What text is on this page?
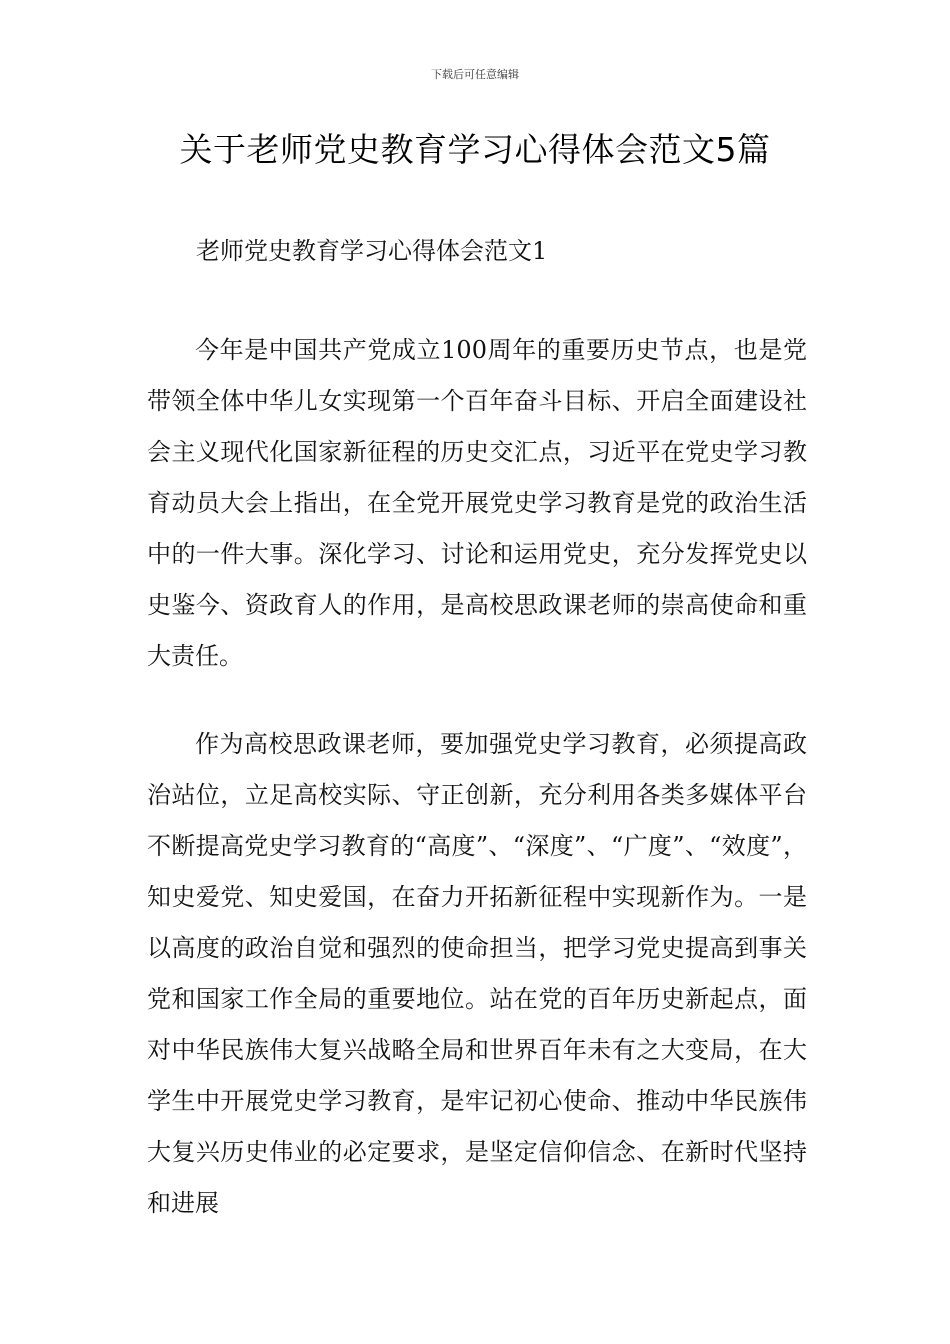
下载后可任意编辑
关于老师党史教育学习心得体会范文5篇
老师党史教育学习心得体会范文1

今年是中国共产党成立100周年的重要历史节点，也是党带领全体中华儿女实现第一个百年奋斗目标、开启全面建设社会主义现代化国家新征程的历史交汇点，习近平在党史学习教育动员大会上指出，在全党开展党史学习教育是党的政治生活中的一件大事。深化学习、讨论和运用党史，充分发挥党史以史鉴今、资政育人的作用，是高校思政课老师的崇高使命和重大责任。

作为高校思政课老师，要加强党史学习教育，必须提高政治站位，立足高校实际、守正创新，充分利用各类多媒体平台不断提高党史学习教育的“高度”、“深度”、“广度”、“效度”，知史爱党、知史爱国，在奋力开拓新征程中实现新作为。一是以高度的政治自觉和强烈的使命担当，把学习党史提高到事关党和国家工作全局的重要地位。站在党的百年历史新起点，面对中华民族伟大复兴战略全局和世界百年未有之大变局，在大学生中开展党史学习教育，是牢记初心使命、推动中华民族伟大复兴历史伟业的必定要求，是坚定信仰信念、在新时代坚持和进展
